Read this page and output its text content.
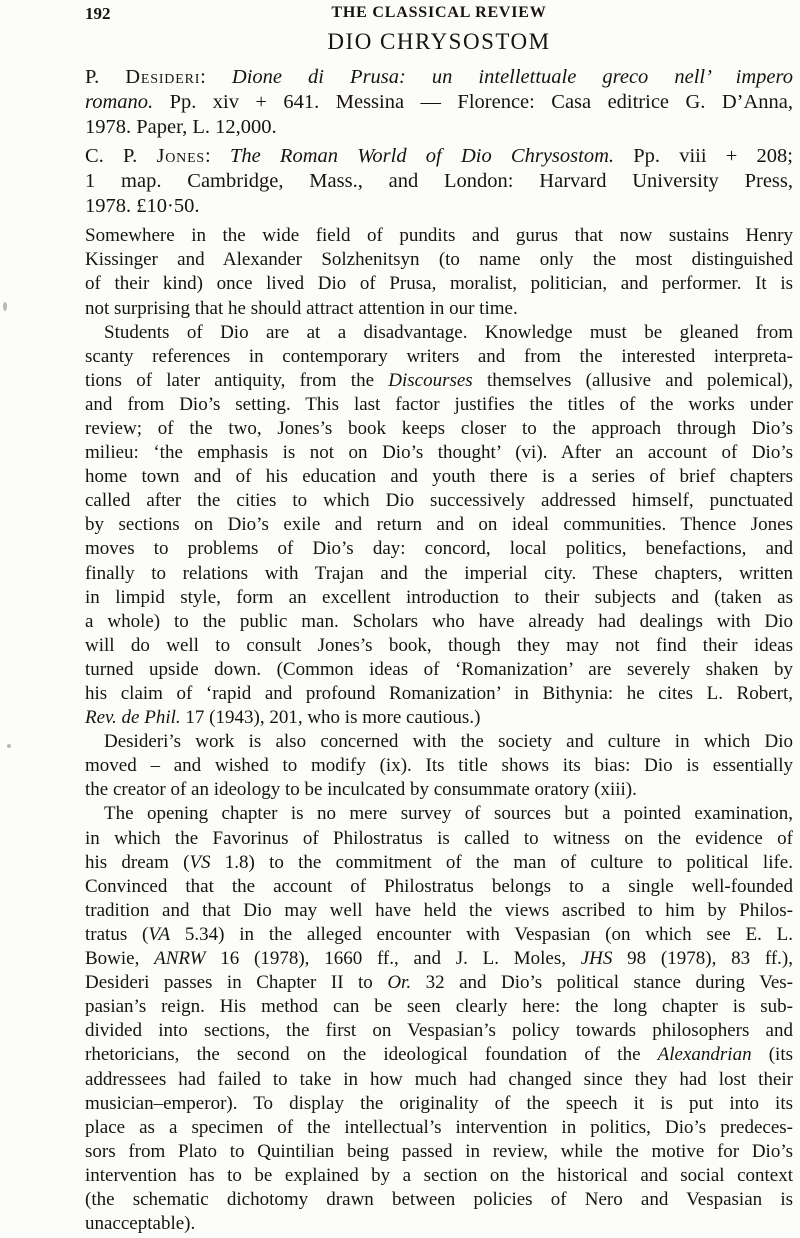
192	THE CLASSICAL REVIEW
DIO CHRYSOSTOM
P. Desideri: Dione di Prusa: un intellettuale greco nell’ impero
romano. Pp. xiv + 641. Messina — Florence: Casa editrice G. D’Anna,
1978. Paper, L. 12,000.
C. P. Jones: The Roman World of Dio Chrysostom. Pp. viii + 208;
1 map. Cambridge, Mass., and London: Harvard University Press,
1978. £10·50.
Somewhere in the wide field of pundits and gurus that now sustains Henry
Kissinger and Alexander Solzhenitsyn (to name only the most distinguished
of their kind) once lived Dio of Prusa, moralist, politician, and performer. It is
not surprising that he should attract attention in our time.
Students of Dio are at a disadvantage. Knowledge must be gleaned from
scanty references in contemporary writers and from the interested interpreta-
tions of later antiquity, from the Discourses themselves (allusive and polemical),
and from Dio’s setting. This last factor justifies the titles of the works under
review; of the two, Jones’s book keeps closer to the approach through Dio’s
milieu: ‘the emphasis is not on Dio’s thought’ (vi). After an account of Dio’s
home town and of his education and youth there is a series of brief chapters
called after the cities to which Dio successively addressed himself, punctuated
by sections on Dio’s exile and return and on ideal communities. Thence Jones
moves to problems of Dio’s day: concord, local politics, benefactions, and
finally to relations with Trajan and the imperial city. These chapters, written
in limpid style, form an excellent introduction to their subjects and (taken as
a whole) to the public man. Scholars who have already had dealings with Dio
will do well to consult Jones’s book, though they may not find their ideas
turned upside down. (Common ideas of ‘Romanization’ are severely shaken by
his claim of ‘rapid and profound Romanization’ in Bithynia: he cites L. Robert,
Rev. de Phil. 17 (1943), 201, who is more cautious.)
Desideri’s work is also concerned with the society and culture in which Dio
moved – and wished to modify (ix). Its title shows its bias: Dio is essentially
the creator of an ideology to be inculcated by consummate oratory (xiii).
The opening chapter is no mere survey of sources but a pointed examination,
in which the Favorinus of Philostratus is called to witness on the evidence of
his dream (VS 1.8) to the commitment of the man of culture to political life.
Convinced that the account of Philostratus belongs to a single well-founded
tradition and that Dio may well have held the views ascribed to him by Philos-
tratus (VA 5.34) in the alleged encounter with Vespasian (on which see E. L.
Bowie, ANRW 16 (1978), 1660 ff., and J. L. Moles, JHS 98 (1978), 83 ff.),
Desideri passes in Chapter II to Or. 32 and Dio’s political stance during Ves-
pasian’s reign. His method can be seen clearly here: the long chapter is sub-
divided into sections, the first on Vespasian’s policy towards philosophers and
rhetoricians, the second on the ideological foundation of the Alexandrian (its
addressees had failed to take in how much had changed since they had lost their
musician–emperor). To display the originality of the speech it is put into its
place as a specimen of the intellectual’s intervention in politics, Dio’s predeces-
sors from Plato to Quintilian being passed in review, while the motive for Dio’s
intervention has to be explained by a section on the historical and social context
(the schematic dichotomy drawn between policies of Nero and Vespasian is
unacceptable).
